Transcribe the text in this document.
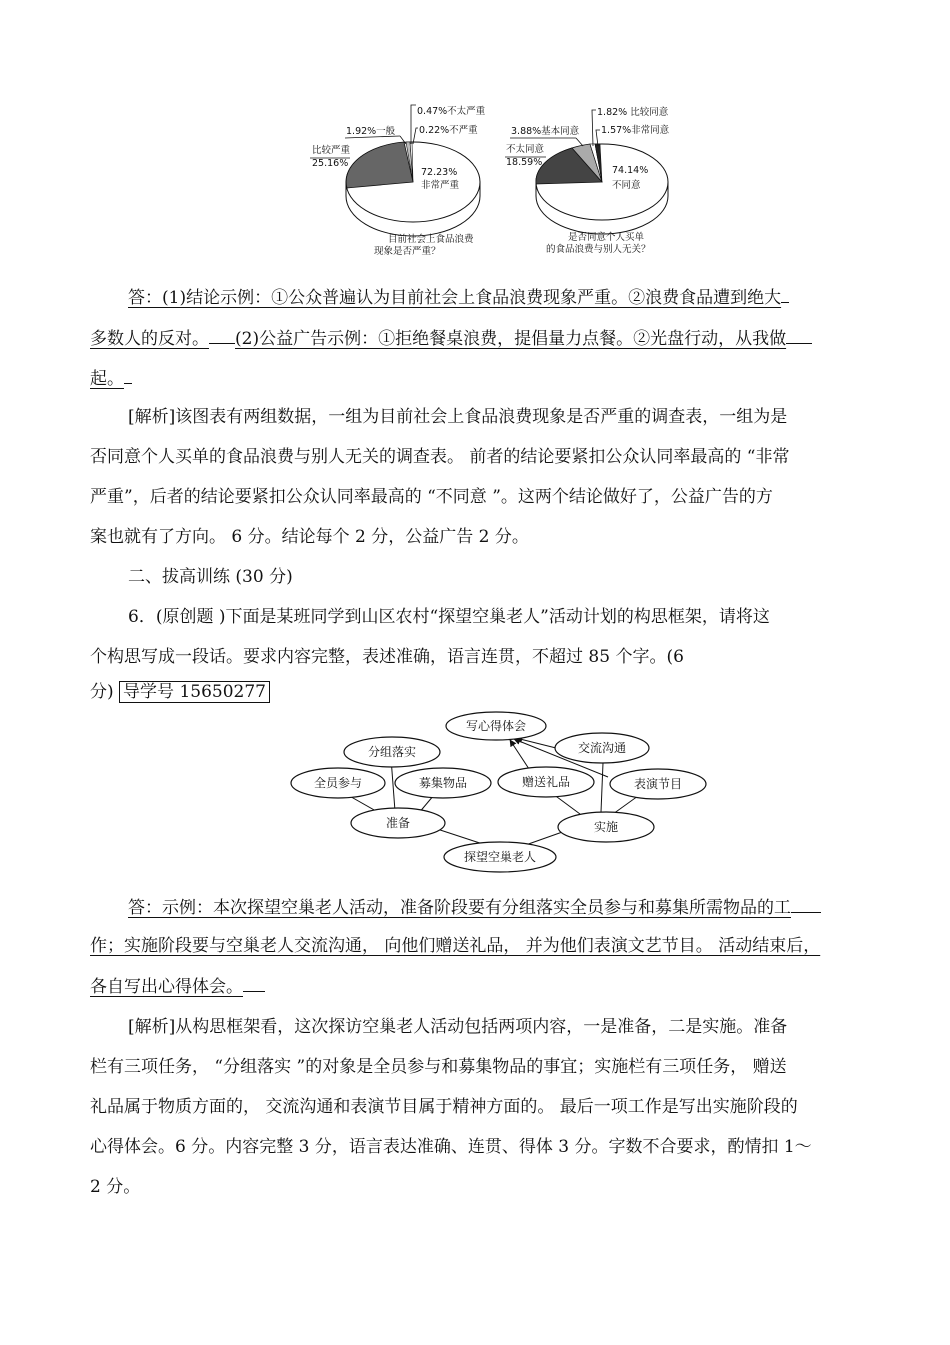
0.47%不太严重
1.92%一般	0.22%不严重
比较严重
25.16%
72.23%
非常严重
目前社会上食品浪费
现象是否严重？
1.82% 比较同意
3.88%基本同意 1.57%非常同意
不太同意
18.59%
74.14%
不同意
是否同意个人买单
的食品浪费与别人无关？
答：(1)结论示例：①公众普遍认为目前社会上食品浪费现象严重。②浪费食品遭到绝大
多数人的反对。 (2)公益广告示例：①拒绝餐桌浪费，提倡量力点餐。②光盘行动，从我做
起。
[解析]该图表有两组数据，一组为目前社会上食品浪费现象是否严重的调查表，一组为是
否同意个人买单的食品浪费与别人无关的调查表。 前者的结论要紧扣公众认同率最高的 “非常
严重”，后者的结论要紧扣公众认同率最高的 “不同意 ”。这两个结论做好了，公益广告的方
案也就有了方向。 6 分。结论每个 2 分，公益广告 2 分。
二、拔高训练 (30 分)
6．(原创题 )下面是某班同学到山区农村“探望空巢老人”活动计划的构思框架，请将这
个构思写成一段话。要求内容完整，表述准确，语言连贯，不超过 85 个字。(6
分) 导学号 15650277
写心得体会
分组落实	交流沟通
全员参与	募集物品	赠送礼品	表演节目
准备	实施
探望空巢老人
答：示例：本次探望空巢老人活动，准备阶段要有分组落实全员参与和募集所需物品的工
作；实施阶段要与空巢老人交流沟通， 向他们赠送礼品， 并为他们表演文艺节目。 活动结束后，
各自写出心得体会。
[解析]从构思框架看，这次探访空巢老人活动包括两项内容，一是准备，二是实施。准备
栏有三项任务， “分组落实 ”的对象是全员参与和募集物品的事宜；实施栏有三项任务， 赠送
礼品属于物质方面的， 交流沟通和表演节目属于精神方面的。 最后一项工作是写出实施阶段的
心得体会。6 分。内容完整 3 分，语言表达准确、连贯、得体 3 分。字数不合要求，酌情扣 1～
2 分。
